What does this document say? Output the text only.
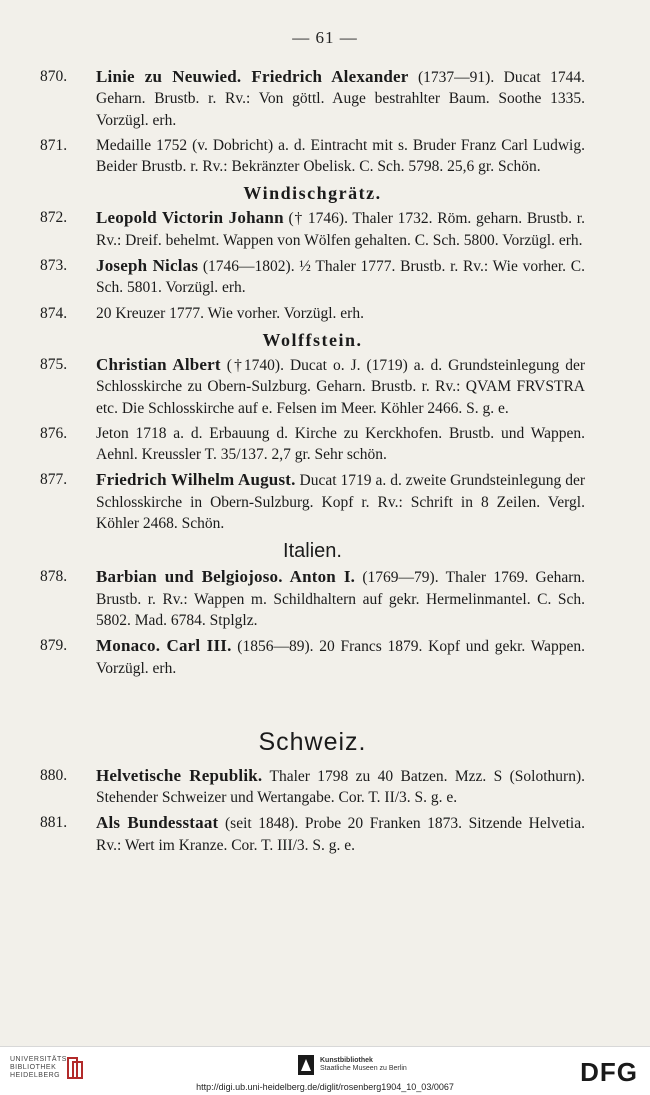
— 61 —
870.	Linie zu Neuwied. Friedrich Alexander (1737—91). Ducat 1744. Geharn. Brustb. r. Rv.: Von göttl. Auge bestrahlter Baum. Soothe 1335. Vorzügl. erh.
871.	Medaille 1752 (v. Dobricht) a. d. Eintracht mit s. Bruder Franz Carl Ludwig. Beider Brustb. r. Rv.: Bekränzter Obelisk. C. Sch. 5798. 25,6 gr. Schön.
Windischgrätz.
872.	Leopold Victorin Johann († 1746). Thaler 1732. Röm. geharn. Brustb. r. Rv.: Dreif. behelmt. Wappen von Wölfen gehalten. C. Sch. 5800. Vorzügl. erh.
873.	Joseph Niclas (1746—1802). ½ Thaler 1777. Brustb. r. Rv.: Wie vorher. C. Sch. 5801. Vorzügl. erh.
874.	20 Kreuzer 1777. Wie vorher. Vorzügl. erh.
Wolffstein.
875.	Christian Albert (†1740). Ducat o. J. (1719) a. d. Grundsteinlegung der Schlosskirche zu Obern-Sulzburg. Geharn. Brustb. r. Rv.: QVAM FRVSTRA etc. Die Schlosskirche auf e. Felsen im Meer. Köhler 2466. S. g. e.
876.	Jeton 1718 a. d. Erbauung d. Kirche zu Kerckhofen. Brustb. und Wappen. Aehnl. Kreussler T. 35/137. 2,7 gr. Sehr schön.
877.	Friedrich Wilhelm August. Ducat 1719 a. d. zweite Grundsteinlegung der Schlosskirche in Obern-Sulzburg. Kopf r. Rv.: Schrift in 8 Zeilen. Vergl. Köhler 2468. Schön.
Italien.
878.	Barbian und Belgiojoso. Anton I. (1769—79). Thaler 1769. Geharn. Brustb. r. Rv.: Wappen m. Schildhaltern auf gekr. Hermelinmantel. C. Sch. 5802. Mad. 6784. Stplglz.
879.	Monaco. Carl III. (1856—89). 20 Francs 1879. Kopf und gekr. Wappen. Vorzügl. erh.
Schweiz.
880.	Helvetische Republik. Thaler 1798 zu 40 Batzen. Mzz. S (Solothurn). Stehender Schweizer und Wertangabe. Cor. T. II/3. S. g. e.
881.	Als Bundesstaat (seit 1848). Probe 20 Franken 1873. Sitzende Helvetia. Rv.: Wert im Kranze. Cor. T. III/3. S. g. e.
UNIVERSITÄTS
BIBLIOTHEK
HEIDELBERG
Kunstbibliothek
Staatliche Museen zu Berlin	DFG
http://digi.ub.uni-heidelberg.de/diglit/rosenberg1904_10_03/0067
